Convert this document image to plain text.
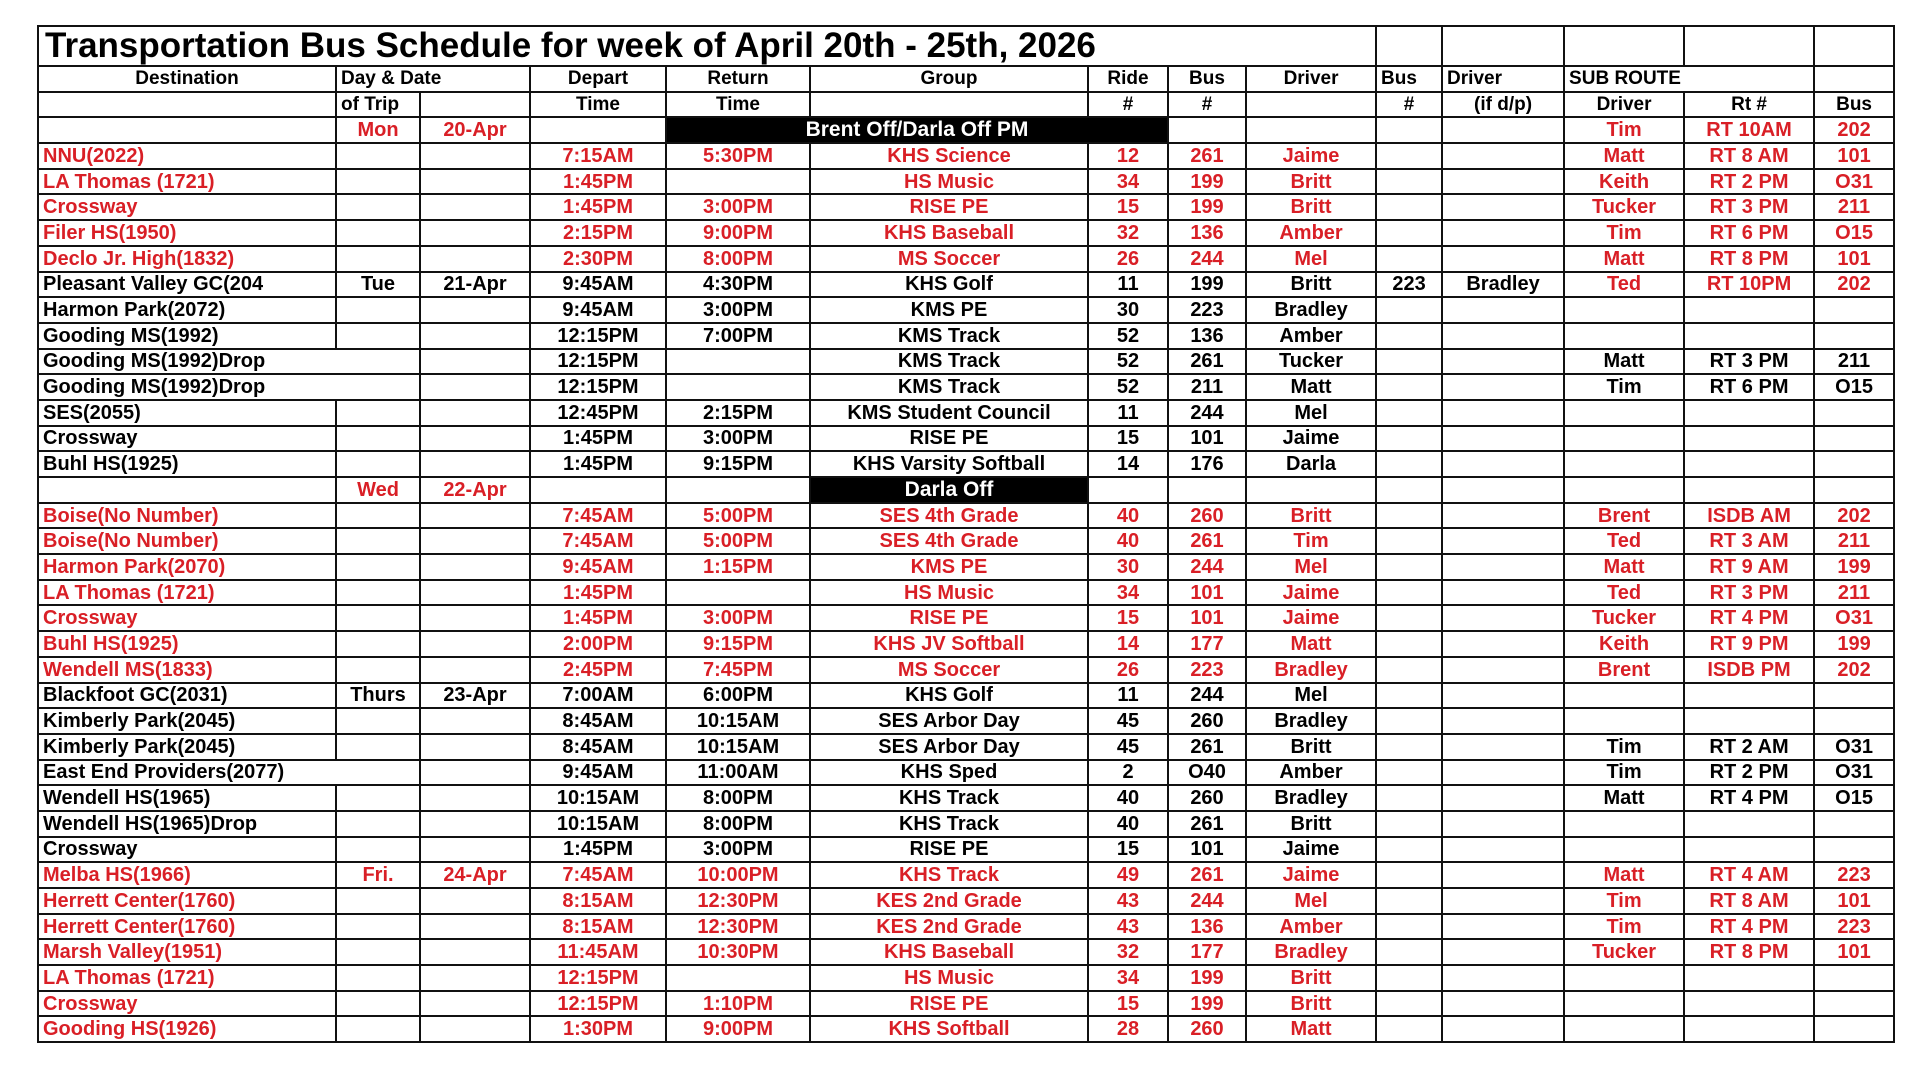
Transportation Bus Schedule for week of April 20th - 25th, 2026													
Destination	Day & Date		Depart	Return	Group	Ride	Bus	Driver	Bus	Driver	SUB ROUTE		
	of Trip		Time	Time		#	#		#	(if d/p)	Driver	Rt #	Bus
	Mon	20-Apr		Brent Off/Darla Off PM							Tim	RT 10AM	202
NNU(2022)			7:15AM	5:30PM	KHS Science	12	261	Jaime			Matt	RT 8 AM	101
LA Thomas (1721)			1:45PM		HS Music	34	199	Britt			Keith	RT 2 PM	O31
Crossway			1:45PM	3:00PM	RISE PE	15	199	Britt			Tucker	RT 3 PM	211
Filer HS(1950)			2:15PM	9:00PM	KHS Baseball	32	136	Amber			Tim	RT 6 PM	O15
Declo Jr. High(1832)			2:30PM	8:00PM	MS Soccer	26	244	Mel			Matt	RT 8 PM	101
Pleasant Valley GC(204	Tue	21-Apr	9:45AM	4:30PM	KHS Golf	11	199	Britt	223	Bradley	Ted	RT 10PM	202
Harmon Park(2072)			9:45AM	3:00PM	KMS PE	30	223	Bradley					
Gooding MS(1992)			12:15PM	7:00PM	KMS Track	52	136	Amber					
Gooding MS(1992)Drop			12:15PM		KMS Track	52	261	Tucker			Matt	RT 3 PM	211
Gooding MS(1992)Drop			12:15PM		KMS Track	52	211	Matt			Tim	RT 6 PM	O15
SES(2055)			12:45PM	2:15PM	KMS Student Council	11	244	Mel					
Crossway			1:45PM	3:00PM	RISE PE	15	101	Jaime					
Buhl HS(1925)			1:45PM	9:15PM	KHS Varsity Softball	14	176	Darla					
	Wed	22-Apr			Darla Off								
Boise(No Number)			7:45AM	5:00PM	SES 4th Grade	40	260	Britt			Brent	ISDB AM	202
Boise(No Number)			7:45AM	5:00PM	SES 4th Grade	40	261	Tim			Ted	RT 3 AM	211
Harmon Park(2070)			9:45AM	1:15PM	KMS PE	30	244	Mel			Matt	RT 9 AM	199
LA Thomas (1721)			1:45PM		HS Music	34	101	Jaime			Ted	RT 3 PM	211
Crossway			1:45PM	3:00PM	RISE PE	15	101	Jaime			Tucker	RT 4 PM	O31
Buhl HS(1925)			2:00PM	9:15PM	KHS JV Softball	14	177	Matt			Keith	RT 9 PM	199
Wendell MS(1833)			2:45PM	7:45PM	MS Soccer	26	223	Bradley			Brent	ISDB PM	202
Blackfoot GC(2031)	Thurs	23-Apr	7:00AM	6:00PM	KHS Golf	11	244	Mel					
Kimberly Park(2045)			8:45AM	10:15AM	SES Arbor Day	45	260	Bradley					
Kimberly Park(2045)			8:45AM	10:15AM	SES Arbor Day	45	261	Britt			Tim	RT 2 AM	O31
East End Providers(2077)			9:45AM	11:00AM	KHS Sped	2	O40	Amber			Tim	RT 2 PM	O31
Wendell HS(1965)			10:15AM	8:00PM	KHS Track	40	260	Bradley			Matt	RT 4 PM	O15
Wendell HS(1965)Drop			10:15AM	8:00PM	KHS Track	40	261	Britt					
Crossway			1:45PM	3:00PM	RISE PE	15	101	Jaime					
Melba HS(1966)	Fri.	24-Apr	7:45AM	10:00PM	KHS Track	49	261	Jaime			Matt	RT 4 AM	223
Herrett Center(1760)			8:15AM	12:30PM	KES 2nd Grade	43	244	Mel			Tim	RT 8 AM	101
Herrett Center(1760)			8:15AM	12:30PM	KES 2nd Grade	43	136	Amber			Tim	RT 4 PM	223
Marsh Valley(1951)			11:45AM	10:30PM	KHS Baseball	32	177	Bradley			Tucker	RT 8 PM	101
LA Thomas (1721)			12:15PM		HS Music	34	199	Britt					
Crossway			12:15PM	1:10PM	RISE PE	15	199	Britt					
Gooding HS(1926)			1:30PM	9:00PM	KHS Softball	28	260	Matt					
